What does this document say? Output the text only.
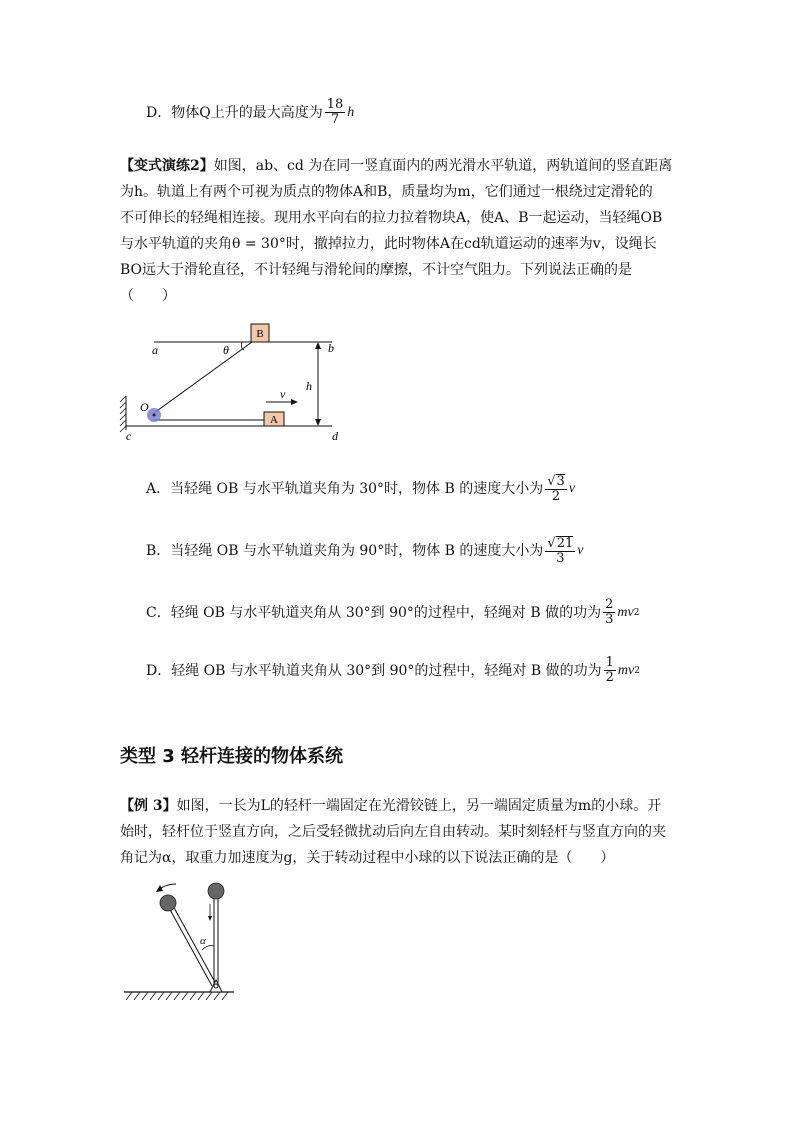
D．物体Q上升的最大高度为 $\frac{18}{7}$ h
【变式演练2】如图，ab、cd 为在同一竖直面内的两光滑水平轨道，两轨道间的竖直距离
为h。轨道上有两个可视为质点的物体A和B，质量均为m，它们通过一根绕过定滑轮的
不可伸长的轻绳相连接。现用水平向右的拉力拉着物块A，使A、B一起运动，当轻绳OB
与水平轨道的夹角θ = 30°时，撤掉拉力，此时物体A在cd轨道运动的速率为v，设绳长
BO远大于滑轮直径，不计轻绳与滑轮间的摩擦，不计空气阻力。下列说法正确的是
（　　）
B
A
a	b
c	d
O
θ
h
v
A．当轻绳 OB 与水平轨道夹角为 30°时，物体 B 的速度大小为 $\frac{√ 3}{2}$ v
B．当轻绳 OB 与水平轨道夹角为 90°时，物体 B 的速度大小为 $\frac{√ 21}{3}$ v
C．轻绳 OB 与水平轨道夹角从 30°到 90°的过程中，轻绳对 B 做的功为 $\frac{2}{3}$ mv 2
D．轻绳 OB 与水平轨道夹角从 30°到 90°的过程中，轻绳对 B 做的功为 $\frac{1}{2}$ mv 2
类型 3 轻杆连接的物体系统
【例 3】如图，一长为L的轻杆一端固定在光滑铰链上，另一端固定质量为m的小球。开
始时，轻杆位于竖直方向，之后受轻微扰动后向左自由转动。某时刻轻杆与竖直方向的夹
角记为α，取重力加速度为g，关于转动过程中小球的以下说法正确的是（　　）
α
